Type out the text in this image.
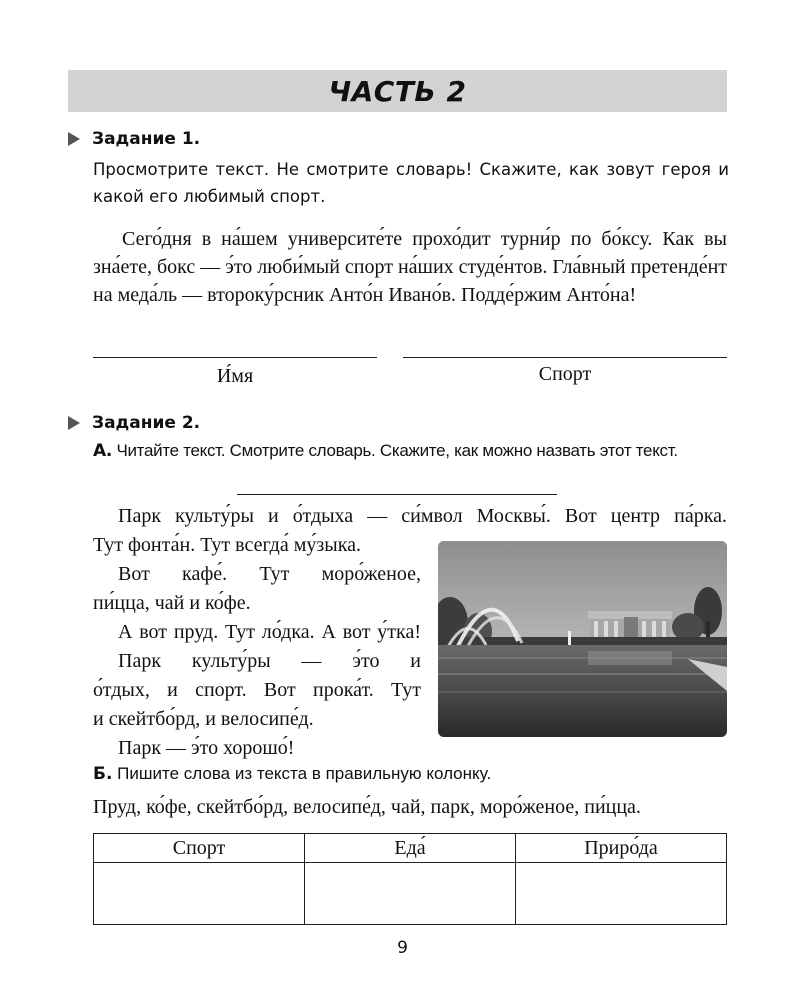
ЧАСТЬ 2
Задание 1.
Просмотрите текст. Не смотрите словарь! Скажите, как зовут героя и какой его любимый спорт.

Сего́дня в на́шем университе́те прохо́дит турни́р по бо́ксу. Как вы зна́ете, бокс — э́то люби́мый спорт на́ших студе́нтов. Гла́вный претенде́нт на меда́ль — второку́рсник Анто́н Ивано́в. Подде́ржим Анто́на!

И́мя	Спорт
Задание 2.
А. Читайте текст. Смотрите словарь. Скажите, как можно назвать этот текст.

Парк культу́ры и о́тдыха — си́мвол Москвы́. Вот центр па́рка.

Тут фонта́н. Тут всегда́ му́зыка.

Вот кафе́. Тут моро́женое,

пи́цца, чай и ко́фе.

А вот пруд. Тут ло́дка. А вот у́тка!

Парк культу́ры — э́то и

о́тдых, и спорт. Вот прока́т. Тут

и скейтбо́рд, и велосипе́д.

Парк — э́то хорошо́!

Б. Пишите слова из текста в правильную колонку.
Пруд, ко́фе, скейтбо́рд, велосипе́д, чай, парк, моро́женое, пи́цца.
Спорт	Еда́	Приро́да

9
